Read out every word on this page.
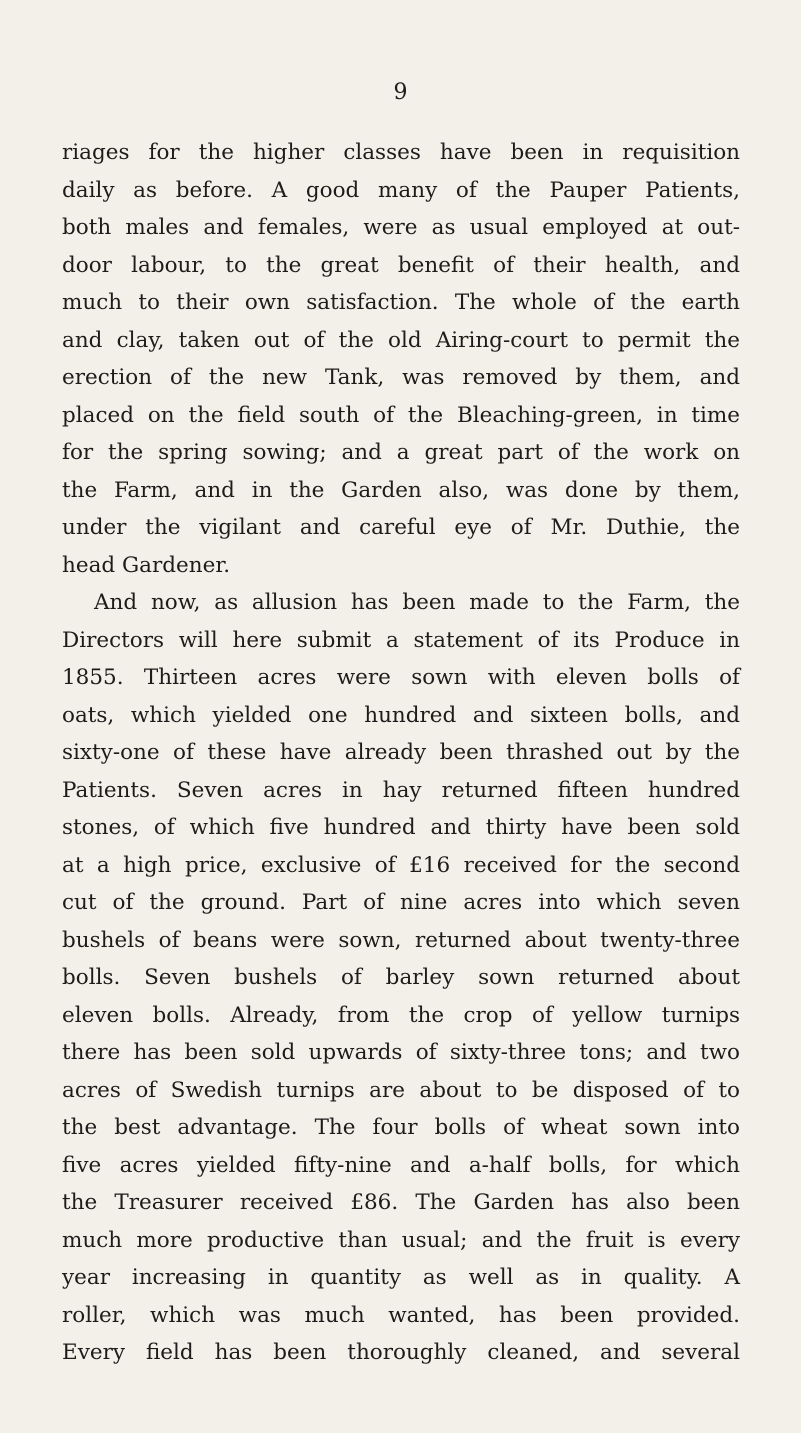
9
riages for the higher classes have been in requisition
daily as before. A good many of the Pauper Patients,
both males and females, were as usual employed at out-
door labour, to the great benefit of their health, and
much to their own satisfaction. The whole of the earth
and clay, taken out of the old Airing-court to permit the
erection of the new Tank, was removed by them, and
placed on the field south of the Bleaching-green, in time
for the spring sowing; and a great part of the work on
the Farm, and in the Garden also, was done by them,
under the vigilant and careful eye of Mr. Duthie, the
head Gardener.
And now, as allusion has been made to the Farm, the
Directors will here submit a statement of its Produce in
1855. Thirteen acres were sown with eleven bolls of
oats, which yielded one hundred and sixteen bolls, and
sixty-one of these have already been thrashed out by the
Patients. Seven acres in hay returned fifteen hundred
stones, of which five hundred and thirty have been sold
at a high price, exclusive of £16 received for the second
cut of the ground. Part of nine acres into which seven
bushels of beans were sown, returned about twenty-three
bolls. Seven bushels of barley sown returned about
eleven bolls. Already, from the crop of yellow turnips
there has been sold upwards of sixty-three tons; and two
acres of Swedish turnips are about to be disposed of to
the best advantage. The four bolls of wheat sown into
five acres yielded fifty-nine and a-half bolls, for which
the Treasurer received £86. The Garden has also been
much more productive than usual; and the fruit is every
year increasing in quantity as well as in quality. A
roller, which was much wanted, has been provided.
Every field has been thoroughly cleaned, and several
